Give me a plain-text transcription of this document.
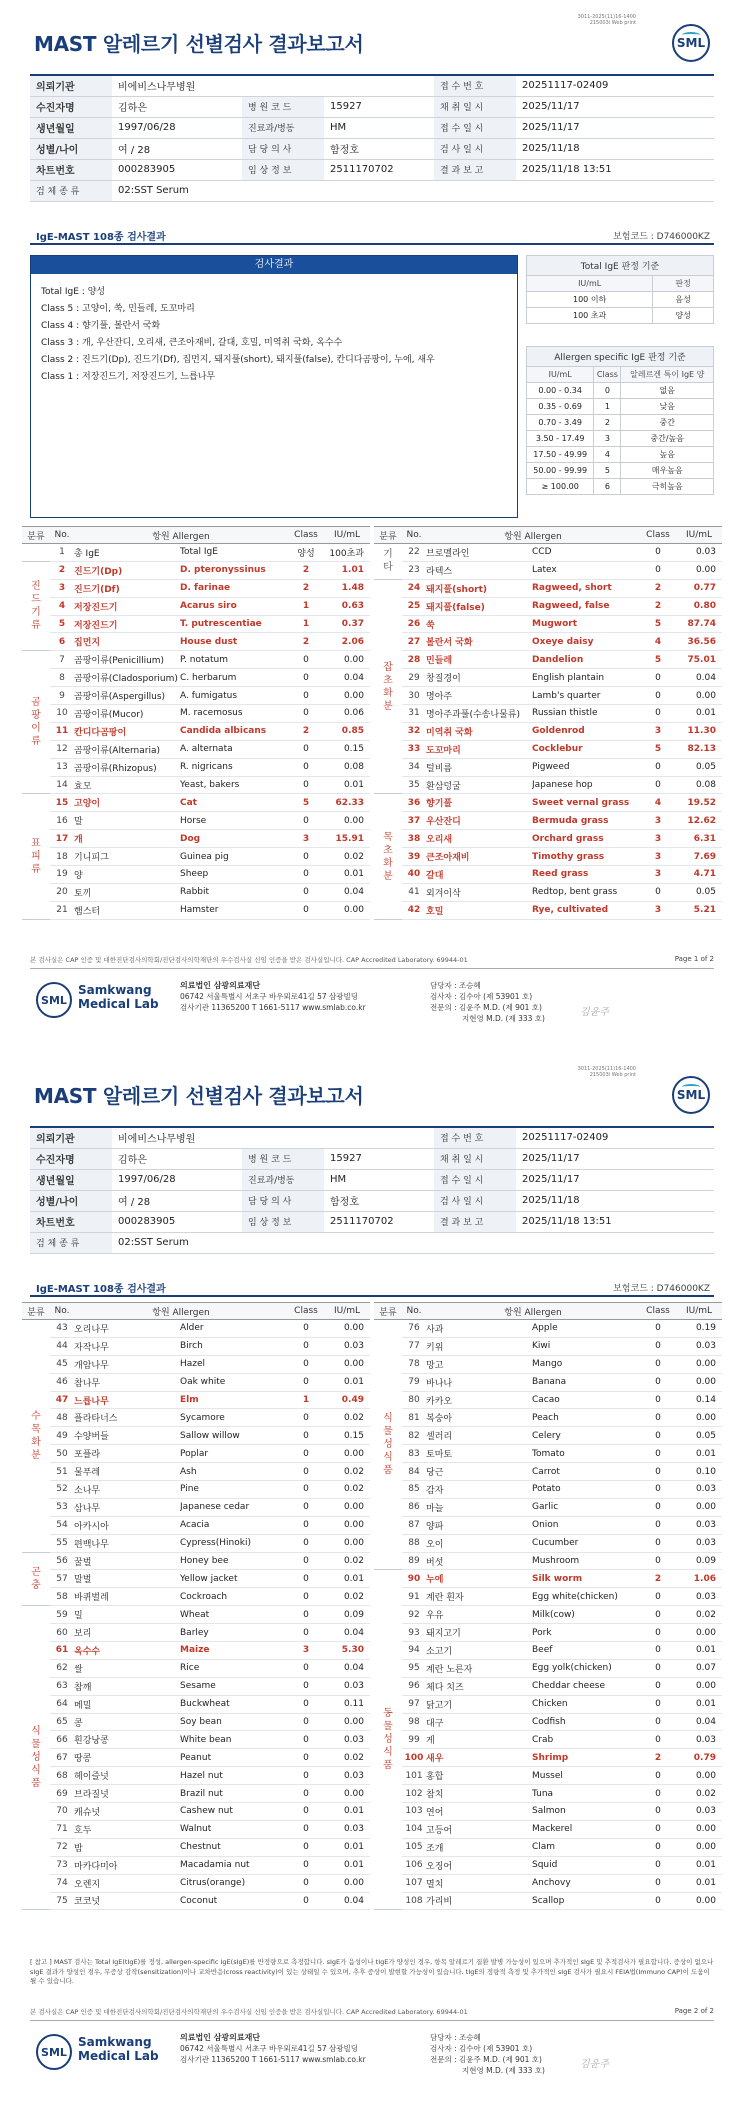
3011-2025(11)16-1400
215003i Web print
MAST 알레르기 선별검사 결과보고서	SML
의뢰기관	비에비스나무병원			접 수 번 호	20251117-02409
수진자명	김하은	병 원 코 드	15927	채 취 일 시	2025/11/17
생년월일	1997/06/28	진료과/병동	HM	접 수 일 시	2025/11/17
성별/나이	여 / 28	담 당 의 사	함정호	검 사 일 시	2025/11/18
차트번호	000283905	임 상 정 보	2511170702	결 과 보 고	2025/11/18 13:51
검 체 종 류	02:SST Serum				
IgE-MAST 108종 검사결과	보험코드 : D746000KZ
검사결과
Total IgE : 양성
Class 5 : 고양이, 쑥, 민들레, 도꼬마리
Class 4 : 향기풀, 볼란서 국화
Class 3 : 개, 우산잔디, 오리새, 큰조아재비, 갈대, 호밀, 미역취 국화, 옥수수
Class 2 : 진드기(Dp), 진드기(Df), 집먼지, 돼지풀(short), 돼지풀(false), 칸디다곰팡이, 누에, 새우
Class 1 : 저장진드기, 저장진드기, 느릅나무
Total IgE 판정 기준	
IU/mL	판정
100 이하	음성
100 초과	양성
Allergen specific IgE 판정 기준		
IU/mL	Class	알레르겐 특이 IgE 양
0.00 - 0.34	0	없음
0.35 - 0.69	1	낮음
0.70 - 3.49	2	중간
3.50 - 17.49	3	중간/높음
17.50 - 49.99	4	높음
50.00 - 99.99	5	매우높음
≥ 100.00	6	극히높음
분류	No.	항원 Allergen		Class	IU/mL
	1	총 IgE	Total IgE	양성	100초과
진
드
기
류	2	진드기(Dp)	D. pteronyssinus	2	1.01
	3	진드기(Df)	D. farinae	2	1.48
	4	저장진드기	Acarus siro	1	0.63
	5	저장진드기	T. putrescentiae	1	0.37
	6	집먼지	House dust	2	2.06
곰
팡
이
류	7	곰팡이류(Penicillium)	P. notatum	0	0.00
	8	곰팡이류(Cladosporium)	C. herbarum	0	0.04
	9	곰팡이류(Aspergillus)	A. fumigatus	0	0.00
	10	곰팡이류(Mucor)	M. racemosus	0	0.06
	11	칸디다곰팡이	Candida albicans	2	0.85
	12	곰팡이류(Alternaria)	A. alternata	0	0.15
	13	곰팡이류(Rhizopus)	R. nigricans	0	0.08
	14	효모	Yeast, bakers	0	0.01
표
피
류	15	고양이	Cat	5	62.33
	16	말	Horse	0	0.00
	17	개	Dog	3	15.91
	18	기니피그	Guinea pig	0	0.02
	19	양	Sheep	0	0.01
	20	토끼	Rabbit	0	0.04
	21	햄스터	Hamster	0	0.00
분류	No.	항원 Allergen		Class	IU/mL
기
타	22	브로멜라인	CCD	0	0.03
	23	라텍스	Latex	0	0.00
잡
초
화
분	24	돼지풀(short)	Ragweed, short	2	0.77
	25	돼지풀(false)	Ragweed, false	2	0.80
	26	쑥	Mugwort	5	87.74
	27	볼란서 국화	Oxeye daisy	4	36.56
	28	민들레	Dandelion	5	75.01
	29	창질경이	English plantain	0	0.04
	30	명아주	Lamb's quarter	0	0.00
	31	명아주과풀(수송나물류)	Russian thistle	0	0.01
	32	미역취 국화	Goldenrod	3	11.30
	33	도꼬마리	Cocklebur	5	82.13
	34	털비름	Pigweed	0	0.05
	35	환삼덩굴	Japanese hop	0	0.08
목
초
화
분	36	향기풀	Sweet vernal grass	4	19.52
	37	우산잔디	Bermuda grass	3	12.62
	38	오리새	Orchard grass	3	6.31
	39	큰조아재비	Timothy grass	3	7.69
	40	갈대	Reed grass	3	4.71
	41	외겨이삭	Redtop, bent grass	0	0.05
	42	호밀	Rye, cultivated	3	5.21
본 검사실은 CAP 인증 및 대한진단검사의학회/진단검사의학재단의 우수검사실 신임 인증을 받은 검사실입니다. CAP Accredited Laboratory. 69944-01	Page 1 of 2
SML
Samkwang
Medical Lab
의료법인 삼광의료재단
06742 서울특별시 서초구 바우뫼로41길 57 삼광빌딩
검사기관 11365200 T 1661-5117 www.smlab.co.kr
담당자 : 조승혜
검사자 : 김수아 (제 53901 호)
전문의 : 김윤주 M.D. (제 901 호)
지현영 M.D. (제 333 호)
김윤주
3011-2025(11)16-1400
215003i Web print
MAST 알레르기 선별검사 결과보고서	SML
의뢰기관	비에비스나무병원			접 수 번 호	20251117-02409
수진자명	김하은	병 원 코 드	15927	채 취 일 시	2025/11/17
생년월일	1997/06/28	진료과/병동	HM	접 수 일 시	2025/11/17
성별/나이	여 / 28	담 당 의 사	함정호	검 사 일 시	2025/11/18
차트번호	000283905	임 상 정 보	2511170702	결 과 보 고	2025/11/18 13:51
검 체 종 류	02:SST Serum				
IgE-MAST 108종 검사결과	보험코드 : D746000KZ
분류	No.	항원 Allergen		Class	IU/mL
수
목
화
분	43	오리나무	Alder	0	0.00
	44	자작나무	Birch	0	0.03
	45	개암나무	Hazel	0	0.00
	46	참나무	Oak white	0	0.01
	47	느릅나무	Elm	1	0.49
	48	플라타너스	Sycamore	0	0.02
	49	수양버들	Sallow willow	0	0.15
	50	포플라	Poplar	0	0.00
	51	물푸레	Ash	0	0.02
	52	소나무	Pine	0	0.02
	53	삼나무	Japanese cedar	0	0.00
	54	아카시아	Acacia	0	0.00
	55	편백나무	Cypress(Hinoki)	0	0.00
곤
충	56	꿀벌	Honey bee	0	0.02
	57	말벌	Yellow jacket	0	0.01
	58	바퀴벌레	Cockroach	0	0.02
식
물
성
식
품	59	밀	Wheat	0	0.09
	60	보리	Barley	0	0.04
	61	옥수수	Maize	3	5.30
	62	쌀	Rice	0	0.04
	63	참깨	Sesame	0	0.03
	64	메밀	Buckwheat	0	0.11
	65	콩	Soy bean	0	0.00
	66	흰강낭콩	White bean	0	0.03
	67	땅콩	Peanut	0	0.02
	68	헤이즐넛	Hazel nut	0	0.03
	69	브라질넛	Brazil nut	0	0.00
	70	캐슈넛	Cashew nut	0	0.01
	71	호두	Walnut	0	0.03
	72	밤	Chestnut	0	0.01
	73	마카다미아	Macadamia nut	0	0.01
	74	오렌지	Citrus(orange)	0	0.00
	75	코코넛	Coconut	0	0.04
분류	No.	항원 Allergen		Class	IU/mL
식
물
성
식
품	76	사과	Apple	0	0.19
	77	키위	Kiwi	0	0.03
	78	망고	Mango	0	0.00
	79	바나나	Banana	0	0.00
	80	카카오	Cacao	0	0.14
	81	복숭아	Peach	0	0.00
	82	셀러리	Celery	0	0.05
	83	토마토	Tomato	0	0.01
	84	당근	Carrot	0	0.10
	85	감자	Potato	0	0.03
	86	마늘	Garlic	0	0.00
	87	양파	Onion	0	0.03
	88	오이	Cucumber	0	0.03
	89	버섯	Mushroom	0	0.09
동
물
성
식
품	90	누에	Silk worm	2	1.06
	91	계란 흰자	Egg white(chicken)	0	0.03
	92	우유	Milk(cow)	0	0.02
	93	돼지고기	Pork	0	0.00
	94	소고기	Beef	0	0.01
	95	계란 노른자	Egg yolk(chicken)	0	0.07
	96	체다 치즈	Cheddar cheese	0	0.00
	97	닭고기	Chicken	0	0.01
	98	대구	Codfish	0	0.04
	99	게	Crab	0	0.03
	100	새우	Shrimp	2	0.79
	101	홍합	Mussel	0	0.00
	102	참치	Tuna	0	0.02
	103	연어	Salmon	0	0.03
	104	고등어	Mackerel	0	0.00
	105	조개	Clam	0	0.00
	106	오징어	Squid	0	0.01
	107	멸치	Anchovy	0	0.01
	108	가리비	Scallop	0	0.00
[ 참고 ] MAST 검사는 Total IgE(tIgE)를 정성, allergen-specific IgE(sIgE)를 반정량으로 측정합니다. sIgE가 음성이나 tIgE가 양성인 경우, 항목 알레르기 질환 발병 가능성이 있으며 추가적인 sIgE 및 추적검사가 필요합니다. 증상이 없으나 sIgE 결과가 양성인 경우, 무증상 감작(sensitization)이나 교차반응(cross reactivity)이 있는 상태일 수 있으며, 추후 증상이 발현할 가능성이 있습니다. tIgE의 정량적 측정 및 추가적인 sIgE 검사가 필요시 FEIA법(Immuno CAP)이 도움이 될 수 있습니다.
본 검사실은 CAP 인증 및 대한진단검사의학회/진단검사의학재단의 우수검사실 신임 인증을 받은 검사실입니다. CAP Accredited Laboratory. 69944-01	Page 2 of 2
SML
Samkwang
Medical Lab
의료법인 삼광의료재단
06742 서울특별시 서초구 바우뫼로41길 57 삼광빌딩
검사기관 11365200 T 1661-5117 www.smlab.co.kr
담당자 : 조승혜
검사자 : 김수아 (제 53901 호)
전문의 : 김윤주 M.D. (제 901 호)
지현영 M.D. (제 333 호)
김윤주
